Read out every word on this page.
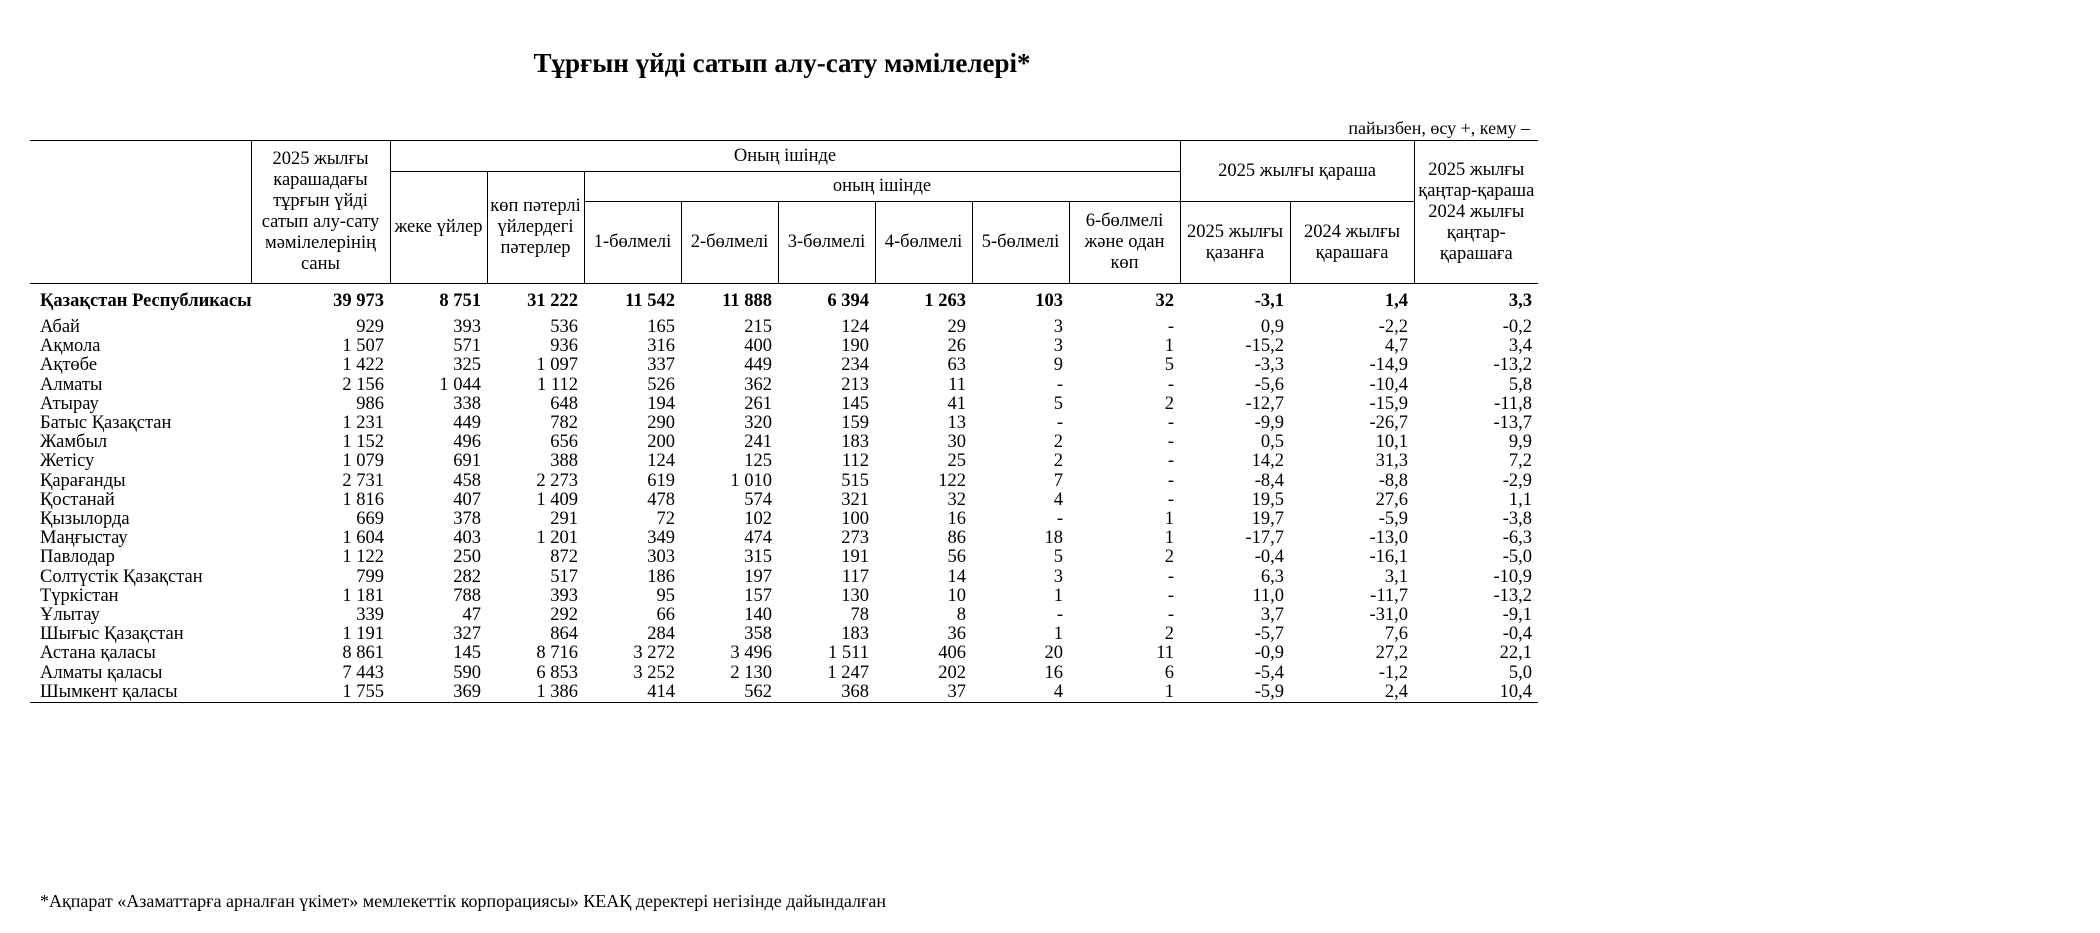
Тұрғын үйді сатып алу-сату мәмілелері*

пайызбен, өсу +, кему –

	2025 жылғы карашадағы тұрғын үйді сатып алу-сату мәмілелерінің саны	Оның ішінде								2025 жылғы қараша		2025 жылғы қаңтар-қараша 2024 жылғы қаңтар-қарашаға
		жеке үйлер	көп пәтерлі үйлердегі пәтерлер	оның ішінде								
				1-бөлмелі	2-бөлмелі	3-бөлмелі	4-бөлмелі	5-бөлмелі	6-бөлмелі және одан көп	2025 жылғы қазанға	2024 жылғы қарашаға	
Қазақстан Республикасы	39 973	8 751	31 222	11 542	11 888	6 394	1 263	103	32	-3,1	1,4	3,3
Абай	929	393	536	165	215	124	29	3	-	0,9	-2,2	-0,2
Ақмола	1 507	571	936	316	400	190	26	3	1	-15,2	4,7	3,4
Ақтөбе	1 422	325	1 097	337	449	234	63	9	5	-3,3	-14,9	-13,2
Алматы	2 156	1 044	1 112	526	362	213	11	-	-	-5,6	-10,4	5,8
Атырау	986	338	648	194	261	145	41	5	2	-12,7	-15,9	-11,8
Батыс Қазақстан	1 231	449	782	290	320	159	13	-	-	-9,9	-26,7	-13,7
Жамбыл	1 152	496	656	200	241	183	30	2	-	0,5	10,1	9,9
Жетісу	1 079	691	388	124	125	112	25	2	-	14,2	31,3	7,2
Қарағанды	2 731	458	2 273	619	1 010	515	122	7	-	-8,4	-8,8	-2,9
Қостанай	1 816	407	1 409	478	574	321	32	4	-	19,5	27,6	1,1
Қызылорда	669	378	291	72	102	100	16	-	1	19,7	-5,9	-3,8
Маңғыстау	1 604	403	1 201	349	474	273	86	18	1	-17,7	-13,0	-6,3
Павлодар	1 122	250	872	303	315	191	56	5	2	-0,4	-16,1	-5,0
Солтүстік Қазақстан	799	282	517	186	197	117	14	3	-	6,3	3,1	-10,9
Түркістан	1 181	788	393	95	157	130	10	1	-	11,0	-11,7	-13,2
Ұлытау	339	47	292	66	140	78	8	-	-	3,7	-31,0	-9,1
Шығыс Қазақстан	1 191	327	864	284	358	183	36	1	2	-5,7	7,6	-0,4
Астана қаласы	8 861	145	8 716	3 272	3 496	1 511	406	20	11	-0,9	27,2	22,1
Алматы қаласы	7 443	590	6 853	3 252	2 130	1 247	202	16	6	-5,4	-1,2	5,0
Шымкент қаласы	1 755	369	1 386	414	562	368	37	4	1	-5,9	2,4	10,4

*Ақпарат «Азаматтарға арналған үкімет» мемлекеттік корпорациясы» КЕАҚ деректері негізінде дайындалған
